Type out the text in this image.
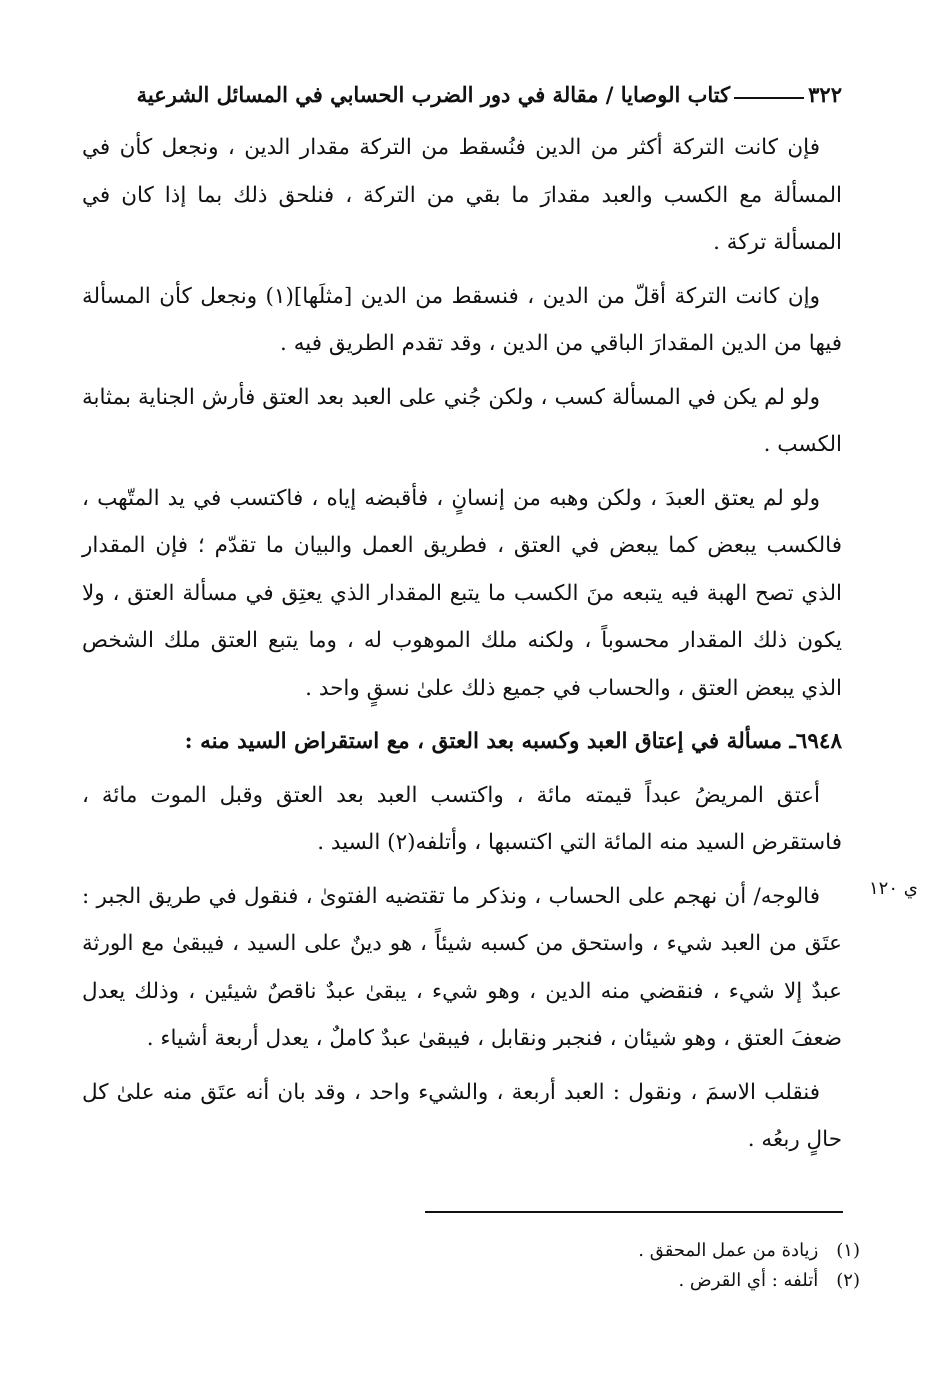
٣٢٢
كتاب الوصايا / مقالة في دور الضرب الحسابي في المسائل الشرعية

فإن كانت التركة أكثر من الدين فنُسقط من التركة مقدار الدين ، ونجعل كأن في المسألة مع الكسب والعبد مقدارَ ما بقي من التركة ، فنلحق ذلك بما إذا كان في المسألة تركة .

وإن كانت التركة أقلّ من الدين ، فنسقط من الدين [مثلَها](١) ونجعل كأن المسألة فيها من الدين المقدارَ الباقي من الدين ، وقد تقدم الطريق فيه .

ولو لم يكن في المسألة كسب ، ولكن جُني على العبد بعد العتق فأرش الجناية بمثابة الكسب .

ولو لم يعتق العبدَ ، ولكن وهبه من إنسانٍ ، فأقبضه إياه ، فاكتسب في يد المتّهب ، فالكسب يبعض كما يبعض في العتق ، فطريق العمل والبيان ما تقدّم ؛ فإن المقدار الذي تصح الهبة فيه يتبعه منَ الكسب ما يتبع المقدار الذي يعتِق في مسألة العتق ، ولا يكون ذلك المقدار محسوباً ، ولكنه ملك الموهوب له ، وما يتبع العتق ملك الشخص الذي يبعض العتق ، والحساب في جميع ذلك علىٰ نسقٍ واحد .

٦٩٤٨ـ مسألة في إعتاق العبد وكسبه بعد العتق ، مع استقراض السيد منه :

أعتق المريضُ عبداً قيمته مائة ، واكتسب العبد بعد العتق وقبل الموت مائة ، فاستقرض السيد منه المائة التي اكتسبها ، وأتلفه(٢) السيد .

فالوجه/ أن نهجم على الحساب ، ونذكر ما تقتضيه الفتوىٰ ، فنقول في طريق الجبر : عتَق من العبد شيء ، واستحق من كسبه شيئاً ، هو دينٌ على السيد ، فيبقىٰ مع الورثة عبدٌ إلا شيء ، فنقضي منه الدين ، وهو شيء ، يبقىٰ عبدٌ ناقصٌ شيئين ، وذلك يعدل ضعفَ العتق ، وهو شيئان ، فنجبر ونقابل ، فيبقىٰ عبدٌ كاملٌ ، يعدل أربعة أشياء .

فنقلب الاسمَ ، ونقول : العبد أربعة ، والشيء واحد ، وقد بان أنه عتَق منه علىٰ كل حالٍ ربعُه .

ي ١٢٠
(١) زيادة من عمل المحقق .
(٢) أتلفه : أي القرض .
